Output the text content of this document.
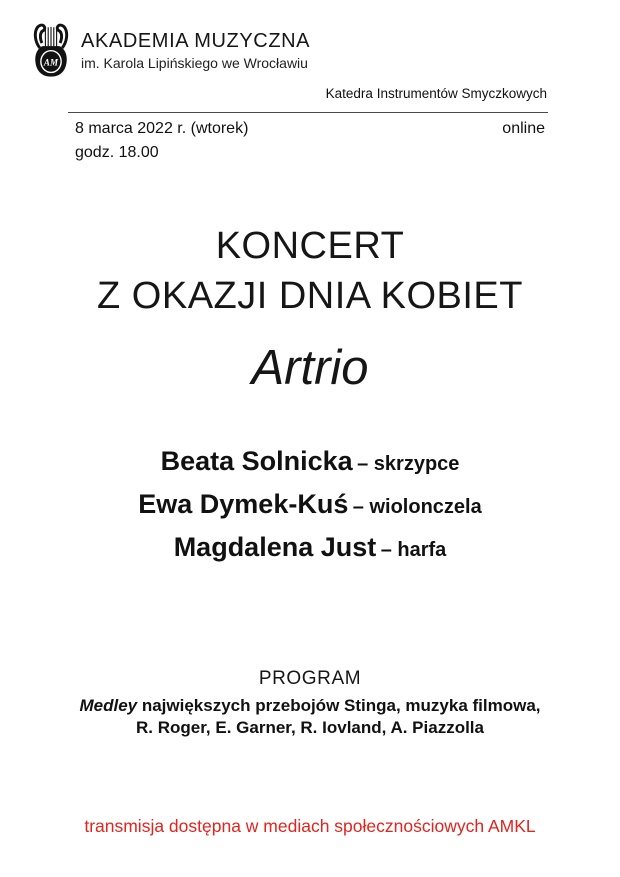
AM
AKADEMIA MUZYCZNA
im. Karola Lipińskiego we Wrocławiu
Katedra Instrumentów Smyczkowych
8 marca 2022 r. (wtorek)	online
godz. 18.00
KONCERT
Z OKAZJI DNIA KOBIET
Artrio
Beata Solnicka – skrzypce
Ewa Dymek-Kuś – wiolonczela
Magdalena Just – harfa
PROGRAM
Medley największych przebojów Stinga, muzyka filmowa,
R. Roger, E. Garner, R. Iovland, A. Piazzolla
transmisja dostępna w mediach społecznościowych AMKL
